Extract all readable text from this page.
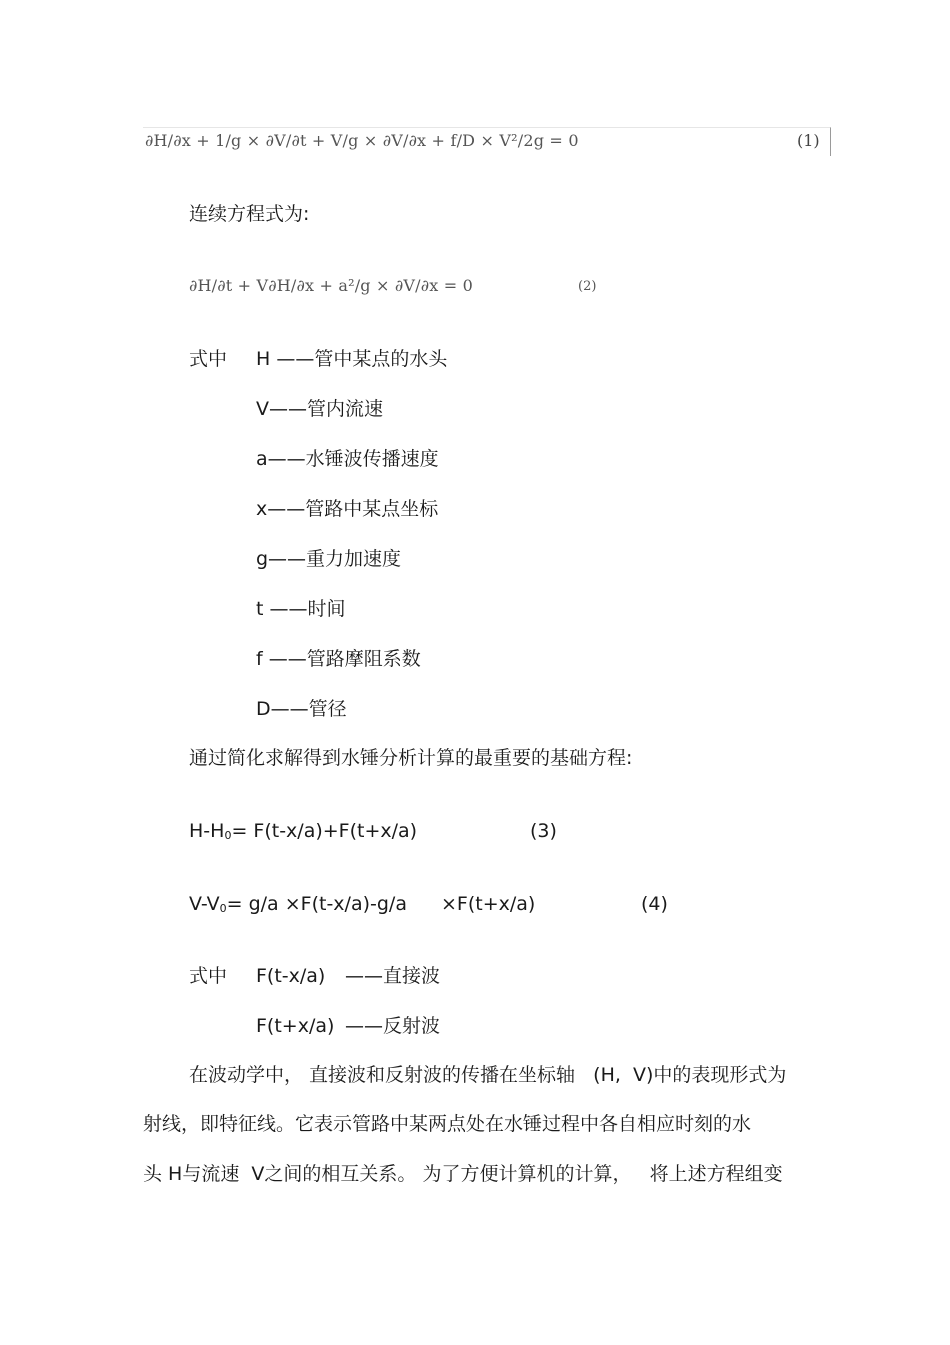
∂H/∂x + 1/g × ∂V/∂t + V/g × ∂V/∂x + f/D × V²/2g = 0	(1)
连续方程式为:
∂H/∂t + V∂H/∂x + a²/g × ∂V/∂x = 0	(2)
式中 H ——管中某点的水头
V——管内流速
a——水锤波传播速度
x——管路中某点坐标
g——重力加速度
t ——时间
f ——管路摩阻系数
D——管径
通过简化求解得到水锤分析计算的最重要的基础方程:
H-H0= F(t-x/a)+F(t+x/a)	(3)
V-V0= g/a ×F(t-x/a)-g/a ×F(t+x/a)	(4)
式中 F(t-x/a) ——直接波
F(t+x/a) ——反射波
在波动学中， 直接波和反射波的传播在坐标轴   (H,  V)中的表现形式为
射线，即特征线。它表示管路中某两点处在水锤过程中各自相应时刻的水
头 H与流速  V之间的相互关系。 为了方便计算机的计算，   将上述方程组变
